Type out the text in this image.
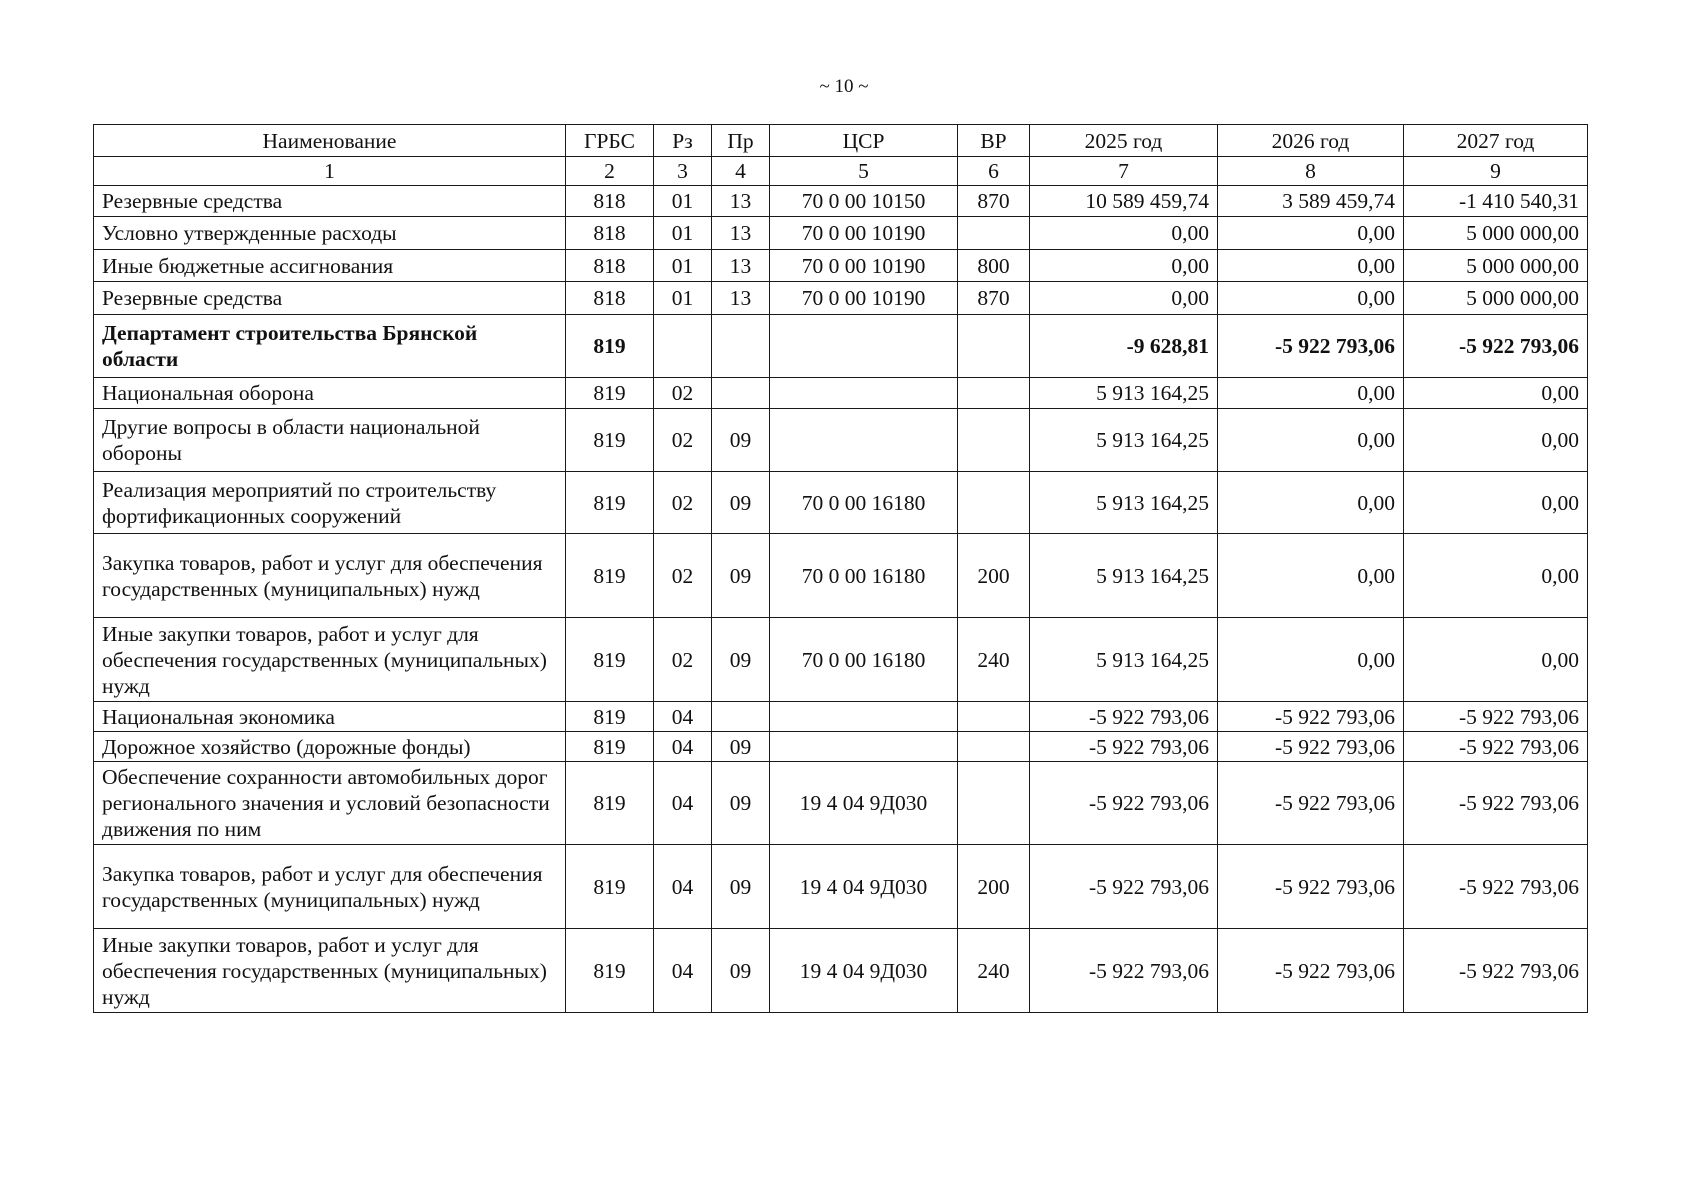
~ 10 ~
Наименование	ГРБС	Рз	Пр	ЦСР	ВР	2025 год	2026 год	2027 год
1	2	3	4	5	6	7	8	9
Резервные средства	818	01	13	70 0 00 10150	870	10 589 459,74	3 589 459,74	-1 410 540,31
Условно утвержденные расходы	818	01	13	70 0 00 10190		0,00	0,00	5 000 000,00
Иные бюджетные ассигнования	818	01	13	70 0 00 10190	800	0,00	0,00	5 000 000,00
Резервные средства	818	01	13	70 0 00 10190	870	0,00	0,00	5 000 000,00
Департамент строительства Брянской области	819					-9 628,81	-5 922 793,06	-5 922 793,06
Национальная оборона	819	02				5 913 164,25	0,00	0,00
Другие вопросы в области национальной обороны	819	02	09			5 913 164,25	0,00	0,00
Реализация мероприятий по строительству фортификационных сооружений	819	02	09	70 0 00 16180		5 913 164,25	0,00	0,00
Закупка товаров, работ и услуг для обеспечения государственных (муниципальных) нужд	819	02	09	70 0 00 16180	200	5 913 164,25	0,00	0,00
Иные закупки товаров, работ и услуг для обеспечения государственных (муниципальных) нужд	819	02	09	70 0 00 16180	240	5 913 164,25	0,00	0,00
Национальная экономика	819	04				-5 922 793,06	-5 922 793,06	-5 922 793,06
Дорожное хозяйство (дорожные фонды)	819	04	09			-5 922 793,06	-5 922 793,06	-5 922 793,06
Обеспечение сохранности автомобильных дорог регионального значения и условий безопасности движения по ним	819	04	09	19 4 04 9Д030		-5 922 793,06	-5 922 793,06	-5 922 793,06
Закупка товаров, работ и услуг для обеспечения государственных (муниципальных) нужд	819	04	09	19 4 04 9Д030	200	-5 922 793,06	-5 922 793,06	-5 922 793,06
Иные закупки товаров, работ и услуг для обеспечения государственных (муниципальных) нужд	819	04	09	19 4 04 9Д030	240	-5 922 793,06	-5 922 793,06	-5 922 793,06
